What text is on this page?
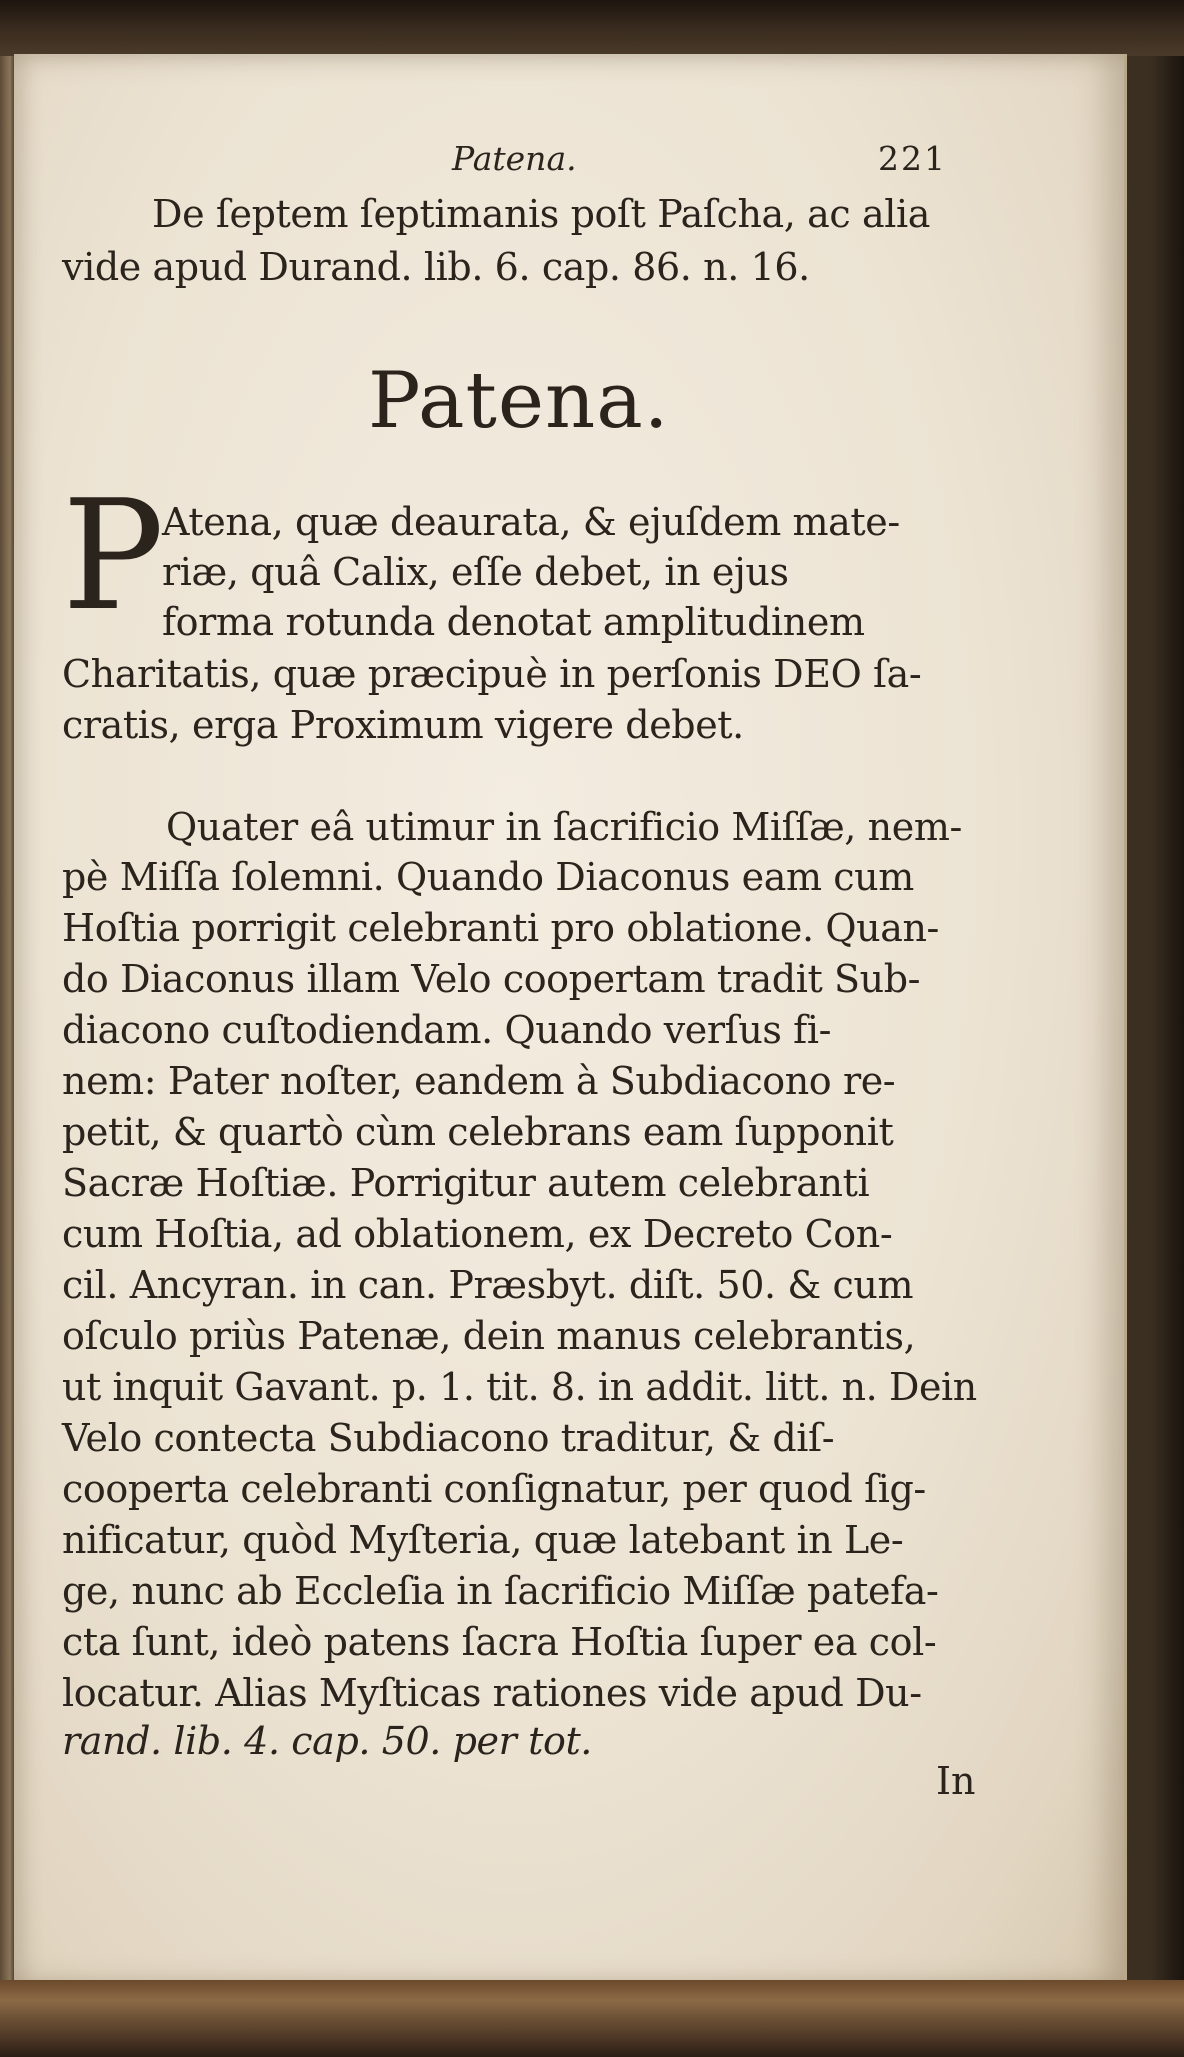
Patena.	221
De ſeptem ſeptimanis poſt Paſcha, ac alia
vide apud Durand. lib. 6. cap. 86. n. 16.
Patena.
P
Atena, quæ deaurata, & ejuſdem mate-
riæ, quâ Calix, eſſe debet, in ejus
forma rotunda denotat amplitudinem
Charitatis, quæ præcipuè in perſonis DEO ſa-
cratis, erga Proximum vigere debet.
Quater eâ utimur in ſacrificio Miſſæ, nem-
pè Miſſa ſolemni. Quando Diaconus eam cum
Hoſtia porrigit celebranti pro oblatione. Quan-
do Diaconus illam Velo coopertam tradit Sub-
diacono cuſtodiendam. Quando verſus fi-
nem: Pater noſter, eandem à Subdiacono re-
petit, & quartò cùm celebrans eam ſupponit
Sacræ Hoſtiæ. Porrigitur autem celebranti
cum Hoſtia, ad oblationem, ex Decreto Con-
cil. Ancyran. in can. Præsbyt. diſt. 50. & cum
oſculo priùs Patenæ, dein manus celebrantis,
ut inquit Gavant. p. 1. tit. 8. in addit. litt. n. Dein
Velo contecta Subdiacono traditur, & diſ-
cooperta celebranti conſignatur, per quod ſig-
nificatur, quòd Myſteria, quæ latebant in Le-
ge, nunc ab Eccleſia in ſacrificio Miſſæ patefa-
cta ſunt, ideò patens ſacra Hoſtia ſuper ea col-
locatur. Alias Myſticas rationes vide apud Du-
rand. lib. 4. cap. 50. per tot.
In
